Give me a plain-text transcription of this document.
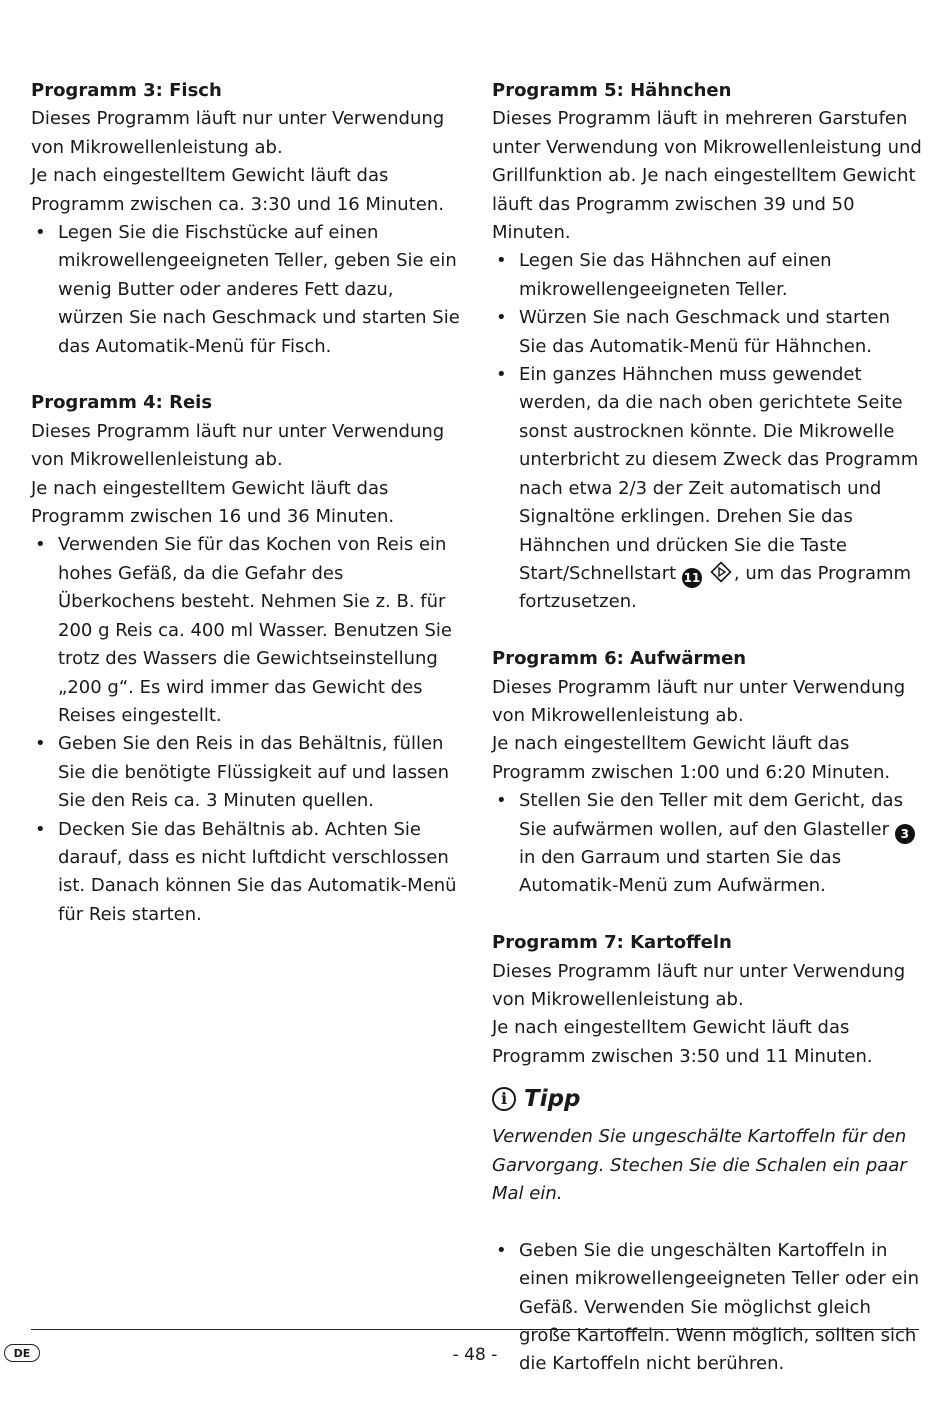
Programm 3: Fisch

Dieses Programm läuft nur unter Verwendung von Mikrowellenleistung ab.

Je nach eingestelltem Gewicht läuft das Programm zwischen ca. 3:30 und 16 Minuten.

• Legen Sie die Fischstücke auf einen mikrowellengeeigneten Teller, geben Sie ein wenig Butter oder anderes Fett dazu, würzen Sie nach Geschmack und starten Sie das Automatik-Menü für Fisch.
Programm 4: Reis

Dieses Programm läuft nur unter Verwendung von Mikrowellenleistung ab.

Je nach eingestelltem Gewicht läuft das Programm zwischen 16 und 36 Minuten.

• Verwenden Sie für das Kochen von Reis ein hohes Gefäß, da die Gefahr des Überkochens besteht. Nehmen Sie z. B. für 200 g Reis ca. 400 ml Wasser. Benutzen Sie trotz des Wassers die Gewichtseinstellung „200 g“. Es wird immer das Gewicht des Reises eingestellt.
• Geben Sie den Reis in das Behältnis, füllen Sie die benötigte Flüssigkeit auf und lassen Sie den Reis ca. 3 Minuten quellen.
• Decken Sie das Behältnis ab. Achten Sie darauf, dass es nicht luftdicht verschlossen ist. Danach können Sie das Automatik-Menü für Reis starten.
Programm 5: Hähnchen

Dieses Programm läuft in mehreren Garstufen unter Verwendung von Mikrowellenleistung und Grillfunktion ab. Je nach eingestelltem Gewicht läuft das Programm zwischen 39 und 50 Minuten.

• Legen Sie das Hähnchen auf einen mikrowellengeeigneten Teller.
• Würzen Sie nach Geschmack und starten Sie das Automatik-Menü für Hähnchen.
• Ein ganzes Hähnchen muss gewendet werden, da die nach oben gerichtete Seite sonst austrocknen könnte. Die Mikrowelle unterbricht zu diesem Zweck das Programm nach etwa 2/3 der Zeit automatisch und Signaltöne erklingen. Drehen Sie das Hähnchen und drücken Sie die Taste Start/Schnellstart 11 , um das Programm fortzusetzen.
Programm 6: Aufwärmen

Dieses Programm läuft nur unter Verwendung von Mikrowellenleistung ab.

Je nach eingestelltem Gewicht läuft das Programm zwischen 1:00 und 6:20 Minuten.

• Stellen Sie den Teller mit dem Gericht, das Sie aufwärmen wollen, auf den Glasteller 3 in den Garraum und starten Sie das Automatik-Menü zum Aufwärmen.
Programm 7: Kartoffeln

Dieses Programm läuft nur unter Verwendung von Mikrowellenleistung ab.

Je nach eingestelltem Gewicht läuft das Programm zwischen 3:50 und 11 Minuten.

i Tipp

Verwenden Sie ungeschälte Kartoffeln für den Garvorgang. Stechen Sie die Schalen ein paar Mal ein.

• Geben Sie die ungeschälten Kartoffeln in einen mikrowellengeeigneten Teller oder ein Gefäß. Verwenden Sie möglichst gleich große Kartoffeln. Wenn möglich, sollten sich die Kartoffeln nicht berühren.
DE	- 48 -
